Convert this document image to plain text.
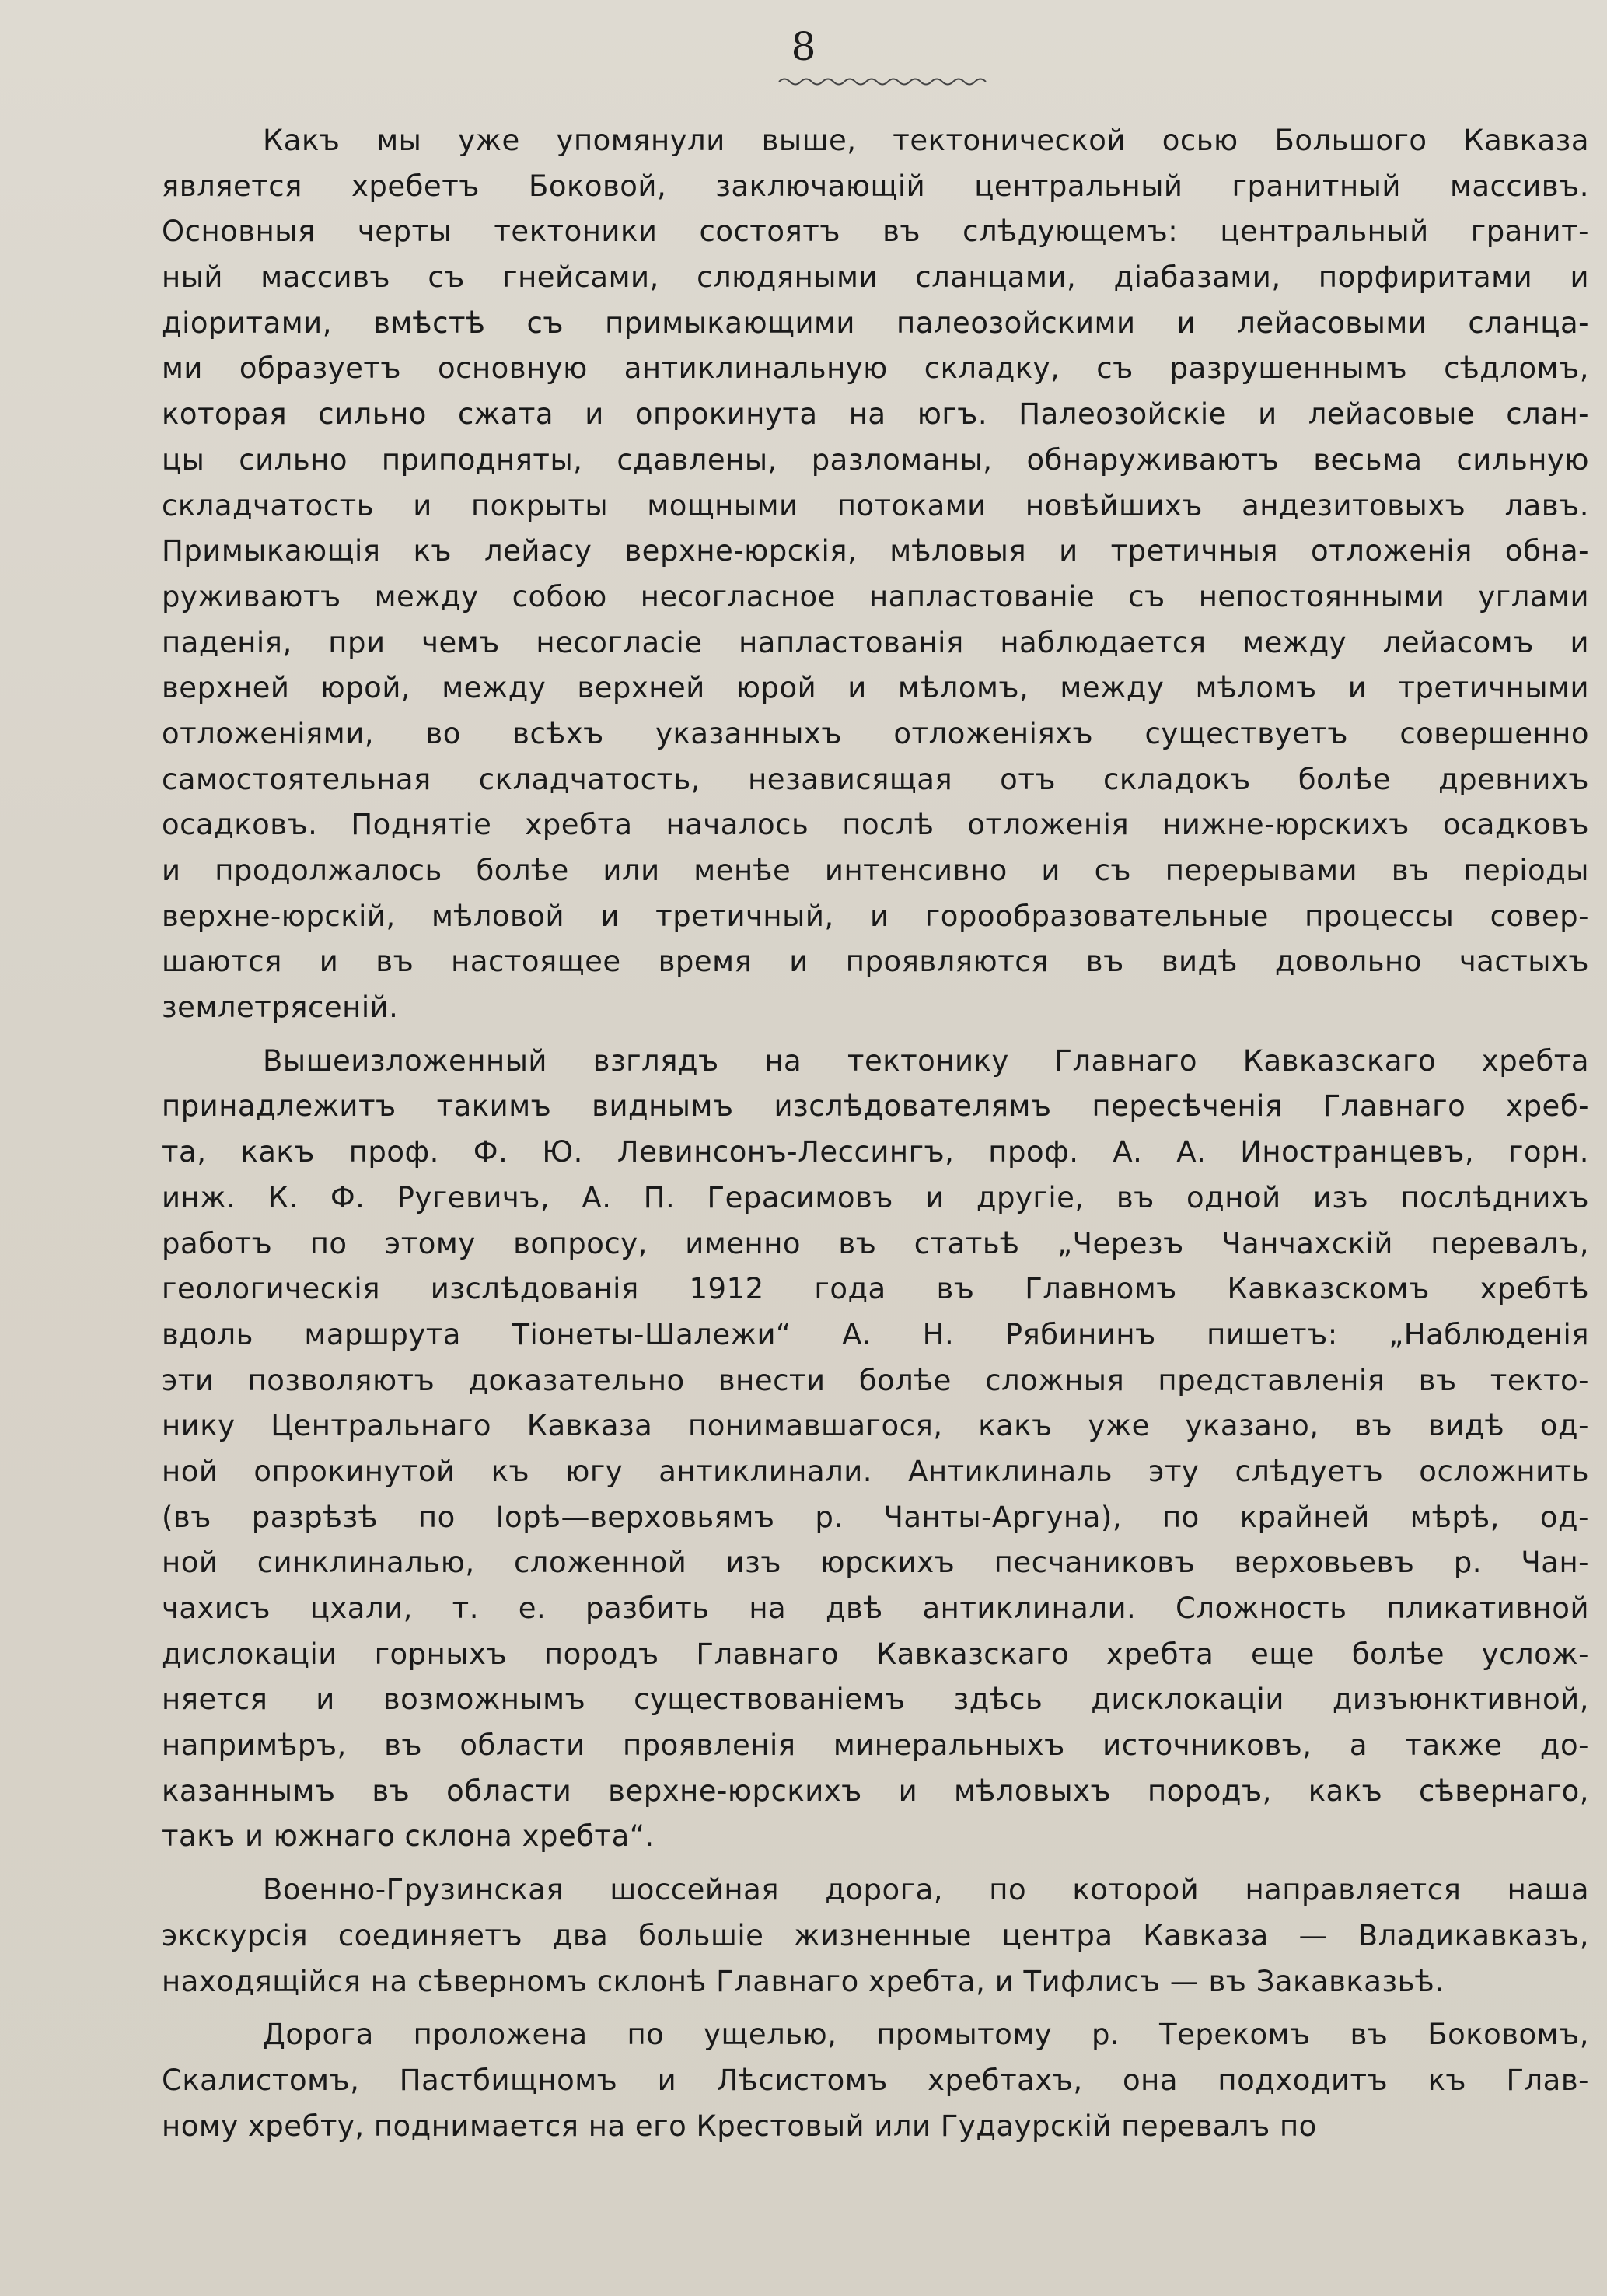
8
Какъ мы уже упомянули выше, тектонической осью Большого Кавказа
является хребетъ Боковой, заключающій центральный гранитный массивъ.
Основныя черты тектоники состоятъ въ слѣдующемъ: центральный гранит-
ный массивъ съ гнейсами, слюдяными сланцами, діабазами, порфиритами и
діоритами, вмѣстѣ съ примыкающими палеозойскими и лейасовыми сланца-
ми образуетъ основную антиклинальную складку, съ разрушеннымъ сѣдломъ,
которая сильно сжата и опрокинута на югъ. Палеозойскіе и лейасовые слан-
цы сильно приподняты, сдавлены, разломаны, обнаруживаютъ весьма сильную
складчатость и покрыты мощными потоками новѣйшихъ андезитовыхъ лавъ.
Примыкающія къ лейасу верхне-юрскія, мѣловыя и третичныя отложенія обна-
руживаютъ между собою несогласное напластованіе съ непостоянными углами
паденія, при чемъ несогласіе напластованія наблюдается между лейасомъ и
верхней юрой, между верхней юрой и мѣломъ, между мѣломъ и третичными
отложеніями, во всѣхъ указанныхъ отложеніяхъ существуетъ совершенно
самостоятельная складчатость, независящая отъ складокъ болѣе древнихъ
осадковъ. Поднятіе хребта началось послѣ отложенія нижне-юрскихъ осадковъ
и продолжалось болѣе или менѣе интенсивно и съ перерывами въ періоды
верхне-юрскій, мѣловой и третичный, и горообразовательные процессы совер-
шаются и въ настоящее время и проявляются въ видѣ довольно частыхъ
землетрясеній.
Вышеизложенный взглядъ на тектонику Главнаго Кавказскаго хребта
принадлежитъ такимъ виднымъ изслѣдователямъ пересѣченія Главнаго хреб-
та, какъ проф. Ф. Ю. Левинсонъ-Лессингъ, проф. А. А. Иностранцевъ, горн.
инж. К. Ф. Ругевичъ, А. П. Герасимовъ и другіе, въ одной изъ послѣднихъ
работъ по этому вопросу, именно въ статьѣ „Черезъ Чанчахскій перевалъ,
геологическія изслѣдованія 1912 года въ Главномъ Кавказскомъ хребтѣ
вдоль маршрута Тіонеты-Шалежи“ А. Н. Рябининъ пишетъ: „Наблюденія
эти позволяютъ доказательно внести болѣе сложныя представленія въ текто-
нику Центральнаго Кавказа понимавшагося, какъ уже указано, въ видѣ од-
ной опрокинутой къ югу антиклинали. Антиклиналь эту слѣдуетъ осложнить
(въ разрѣзѣ по Іорѣ—верховьямъ р. Чанты-Аргуна), по крайней мѣрѣ, од-
ной синклиналью, сложенной изъ юрскихъ песчаниковъ верховьевъ р. Чан-
чахисъ цхали, т. е. разбить на двѣ антиклинали. Сложность пликативной
дислокаціи горныхъ породъ Главнаго Кавказскаго хребта еще болѣе услож-
няется и возможнымъ существованіемъ здѣсь дисклокаціи дизъюнктивной,
напримѣръ, въ области проявленія минеральныхъ источниковъ, а также до-
казаннымъ въ области верхне-юрскихъ и мѣловыхъ породъ, какъ сѣвернаго,
такъ и южнаго склона хребта“.
Военно-Грузинская шоссейная дорога, по которой направляется наша
экскурсія соединяетъ два большіе жизненные центра Кавказа — Владикавказъ,
находящійся на сѣверномъ склонѣ Главнаго хребта, и Тифлисъ — въ Закавказьѣ.
Дорога проложена по ущелью, промытому р. Терекомъ въ Боковомъ,
Скалистомъ, Пастбищномъ и Лѣсистомъ хребтахъ, она подходитъ къ Глав-
ному хребту, поднимается на его Крестовый или Гудаурскій перевалъ по
